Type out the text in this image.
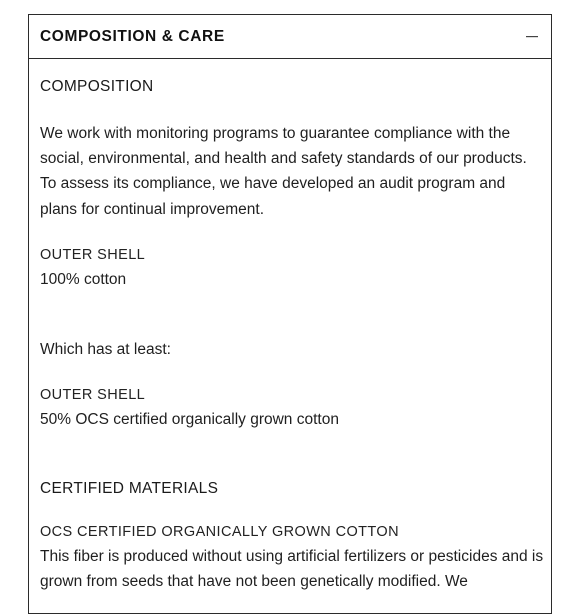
COMPOSITION & CARE
COMPOSITION
We work with monitoring programs to guarantee compliance with the social, environmental, and health and safety standards of our products. To assess its compliance, we have developed an audit program and plans for continual improvement.
OUTER SHELL
100% cotton
Which has at least:
OUTER SHELL
50% OCS certified organically grown cotton
CERTIFIED MATERIALS
OCS CERTIFIED ORGANICALLY GROWN COTTON
This fiber is produced without using artificial fertilizers or pesticides and is grown from seeds that have not been genetically modified. We
